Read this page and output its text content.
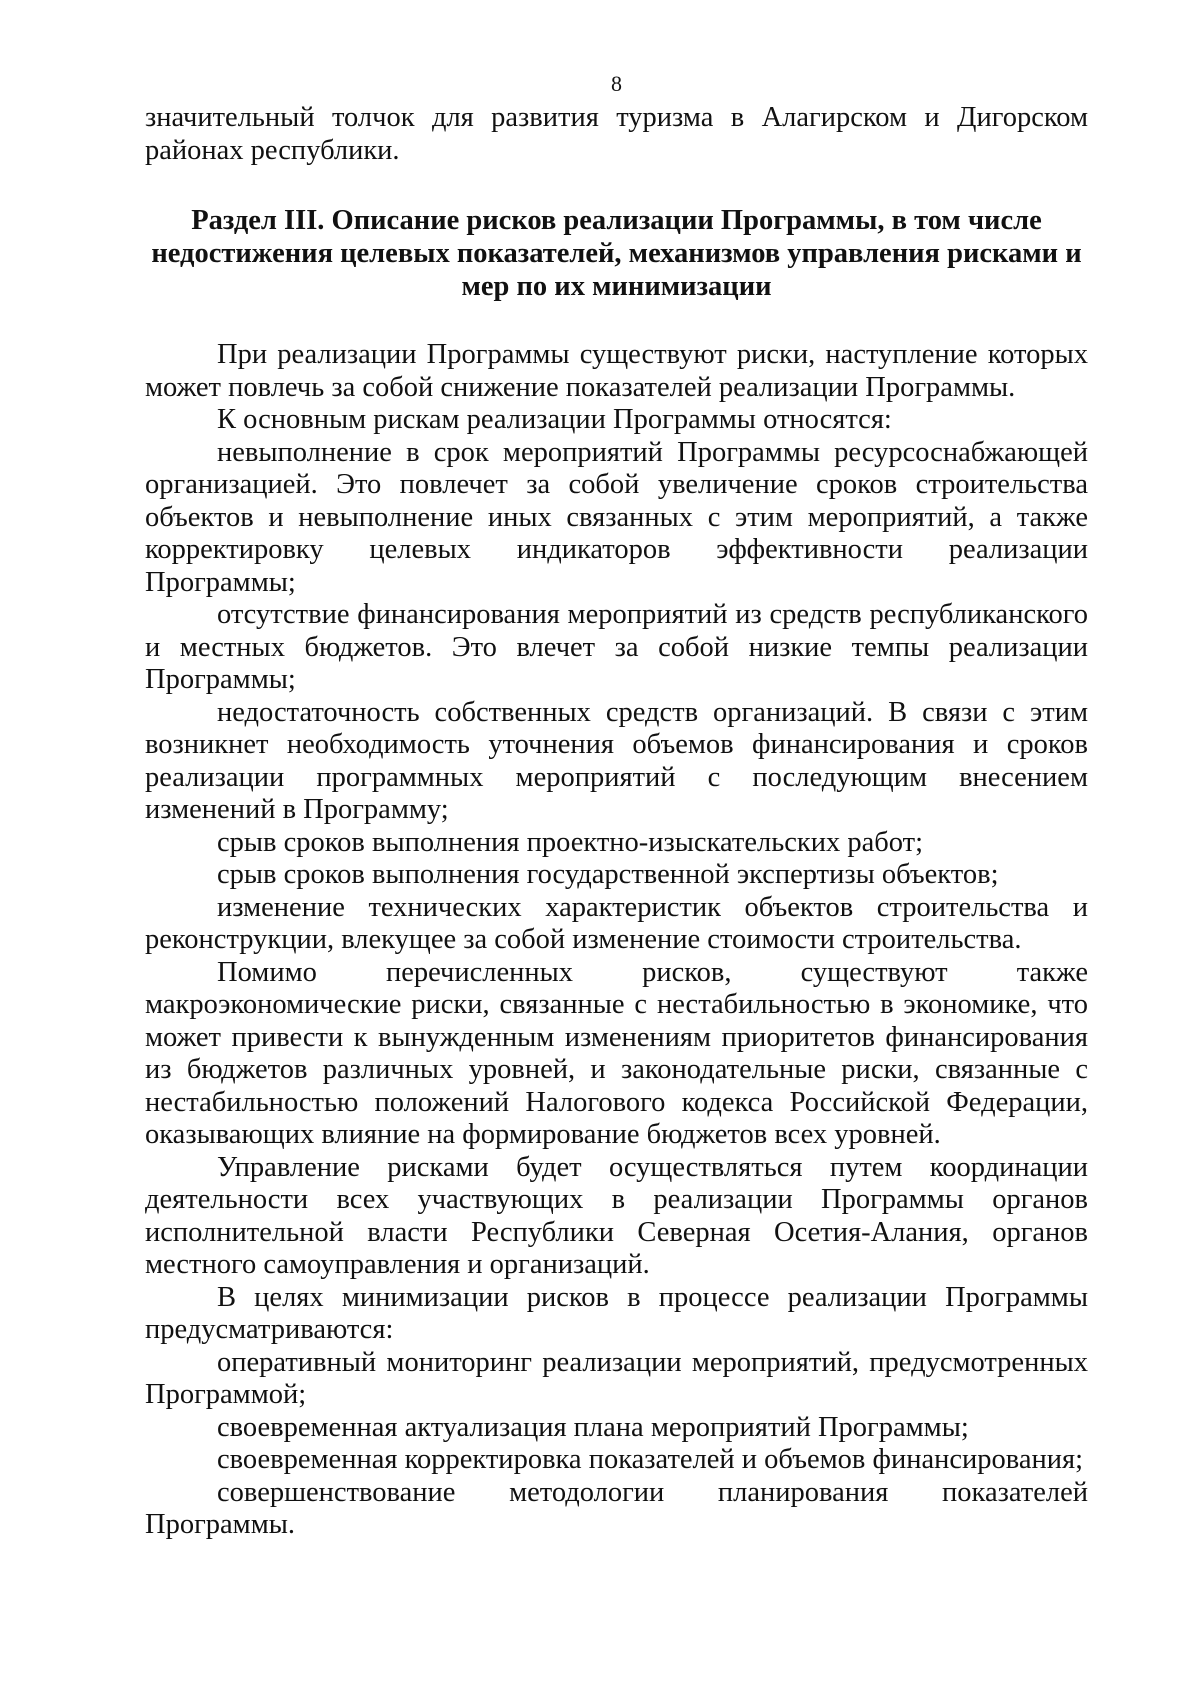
8

значительный толчок для развития туризма в Алагирском и Дигорском районах республики.

Раздел III. Описание рисков реализации Программы, в том числе недостижения целевых показателей, механизмов управления рисками и мер по их минимизации

При реализации Программы существуют риски, наступление которых может повлечь за собой снижение показателей реализации Программы.

К основным рискам реализации Программы относятся:

невыполнение в срок мероприятий Программы ресурсоснабжающей организацией. Это повлечет за собой увеличение сроков строительства объектов и невыполнение иных связанных с этим мероприятий, а также корректировку целевых индикаторов эффективности реализации Программы;

отсутствие финансирования мероприятий из средств республиканского и местных бюджетов. Это влечет за собой низкие темпы реализации Программы;

недостаточность собственных средств организаций. В связи с этим возникнет необходимость уточнения объемов финансирования и сроков реализации программных мероприятий с последующим внесением изменений в Программу;

срыв сроков выполнения проектно-изыскательских работ;

срыв сроков выполнения государственной экспертизы объектов;

изменение технических характеристик объектов строительства и реконструкции, влекущее за собой изменение стоимости строительства.

Помимо перечисленных рисков, существуют также макроэкономические риски, связанные с нестабильностью в экономике, что может привести к вынужденным изменениям приоритетов финансирования из бюджетов различных уровней, и законодательные риски, связанные с нестабильностью положений Налогового кодекса Российской Федерации, оказывающих влияние на формирование бюджетов всех уровней.

Управление рисками будет осуществляться путем координации деятельности всех участвующих в реализации Программы органов исполнительной власти Республики Северная Осетия-Алания, органов местного самоуправления и организаций.

В целях минимизации рисков в процессе реализации Программы предусматриваются:

оперативный мониторинг реализации мероприятий, предусмотренных Программой;

своевременная актуализация плана мероприятий Программы;

своевременная корректировка показателей и объемов финансирования;

совершенствование методологии планирования показателей Программы.
